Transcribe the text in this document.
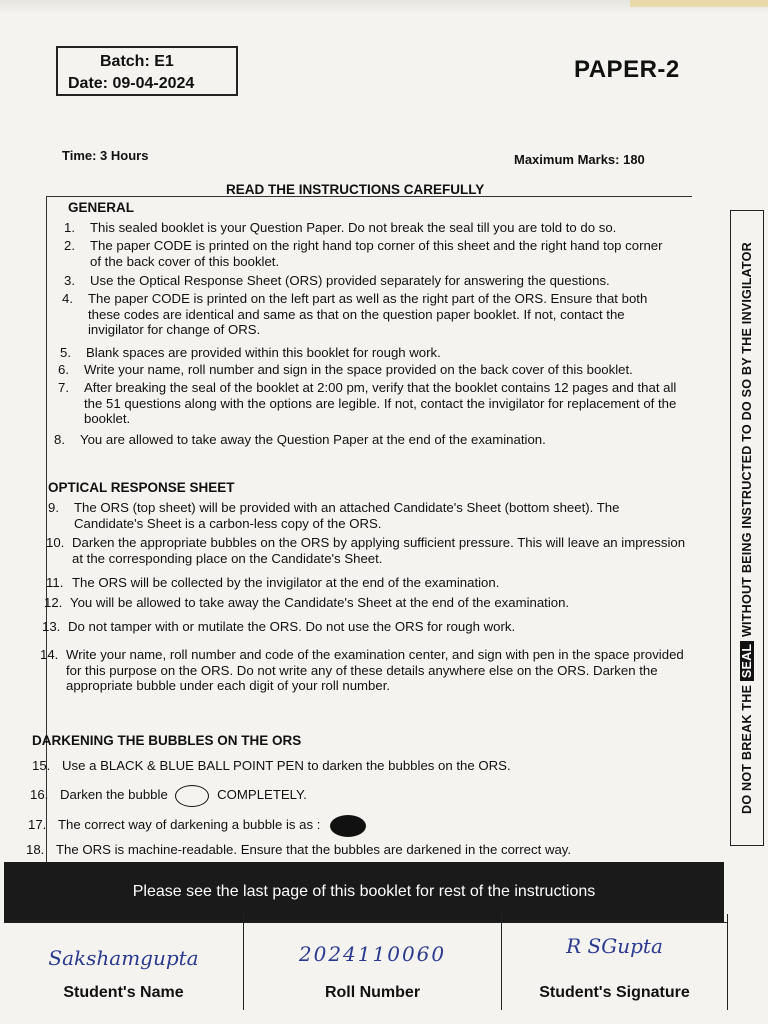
Batch: E1
Date: 09-04-2024
PAPER-2
Time: 3 Hours	Maximum Marks: 180
READ THE INSTRUCTIONS CAREFULLY
GENERAL
1. This sealed booklet is your Question Paper. Do not break the seal till you are told to do so.
2. The paper CODE is printed on the right hand top corner of this sheet and the right hand top corner of the back cover of this booklet.
3. Use the Optical Response Sheet (ORS) provided separately for answering the questions.
4. The paper CODE is printed on the left part as well as the right part of the ORS. Ensure that both these codes are identical and same as that on the question paper booklet. If not, contact the invigilator for change of ORS.
5. Blank spaces are provided within this booklet for rough work.
6. Write your name, roll number and sign in the space provided on the back cover of this booklet.
7. After breaking the seal of the booklet at 2:00 pm, verify that the booklet contains 12 pages and that all the 51 questions along with the options are legible. If not, contact the invigilator for replacement of the booklet.
8. You are allowed to take away the Question Paper at the end of the examination.
OPTICAL RESPONSE SHEET
9. The ORS (top sheet) will be provided with an attached Candidate's Sheet (bottom sheet). The Candidate's Sheet is a carbon-less copy of the ORS.
10. Darken the appropriate bubbles on the ORS by applying sufficient pressure. This will leave an impression at the corresponding place on the Candidate's Sheet.
11. The ORS will be collected by the invigilator at the end of the examination.
12. You will be allowed to take away the Candidate's Sheet at the end of the examination.
13. Do not tamper with or mutilate the ORS. Do not use the ORS for rough work.
14. Write your name, roll number and code of the examination center, and sign with pen in the space provided for this purpose on the ORS. Do not write any of these details anywhere else on the ORS. Darken the appropriate bubble under each digit of your roll number.
DARKENING THE BUBBLES ON THE ORS
15. Use a BLACK & BLUE BALL POINT PEN to darken the bubbles on the ORS.
16. Darken the bubble	COMPLETELY.
17. The correct way of darkening a bubble is as :
18. The ORS is machine-readable. Ensure that the bubbles are darkened in the correct way.
DO NOT BREAK THE SEAL WITHOUT BEING INSTRUCTED TO DO SO BY THE INVIGILATOR
Please see the last page of this booklet for rest of the instructions
Sakshamgupta
Student's Name
2024110060
Roll Number
R SGupta
Student's Signature
